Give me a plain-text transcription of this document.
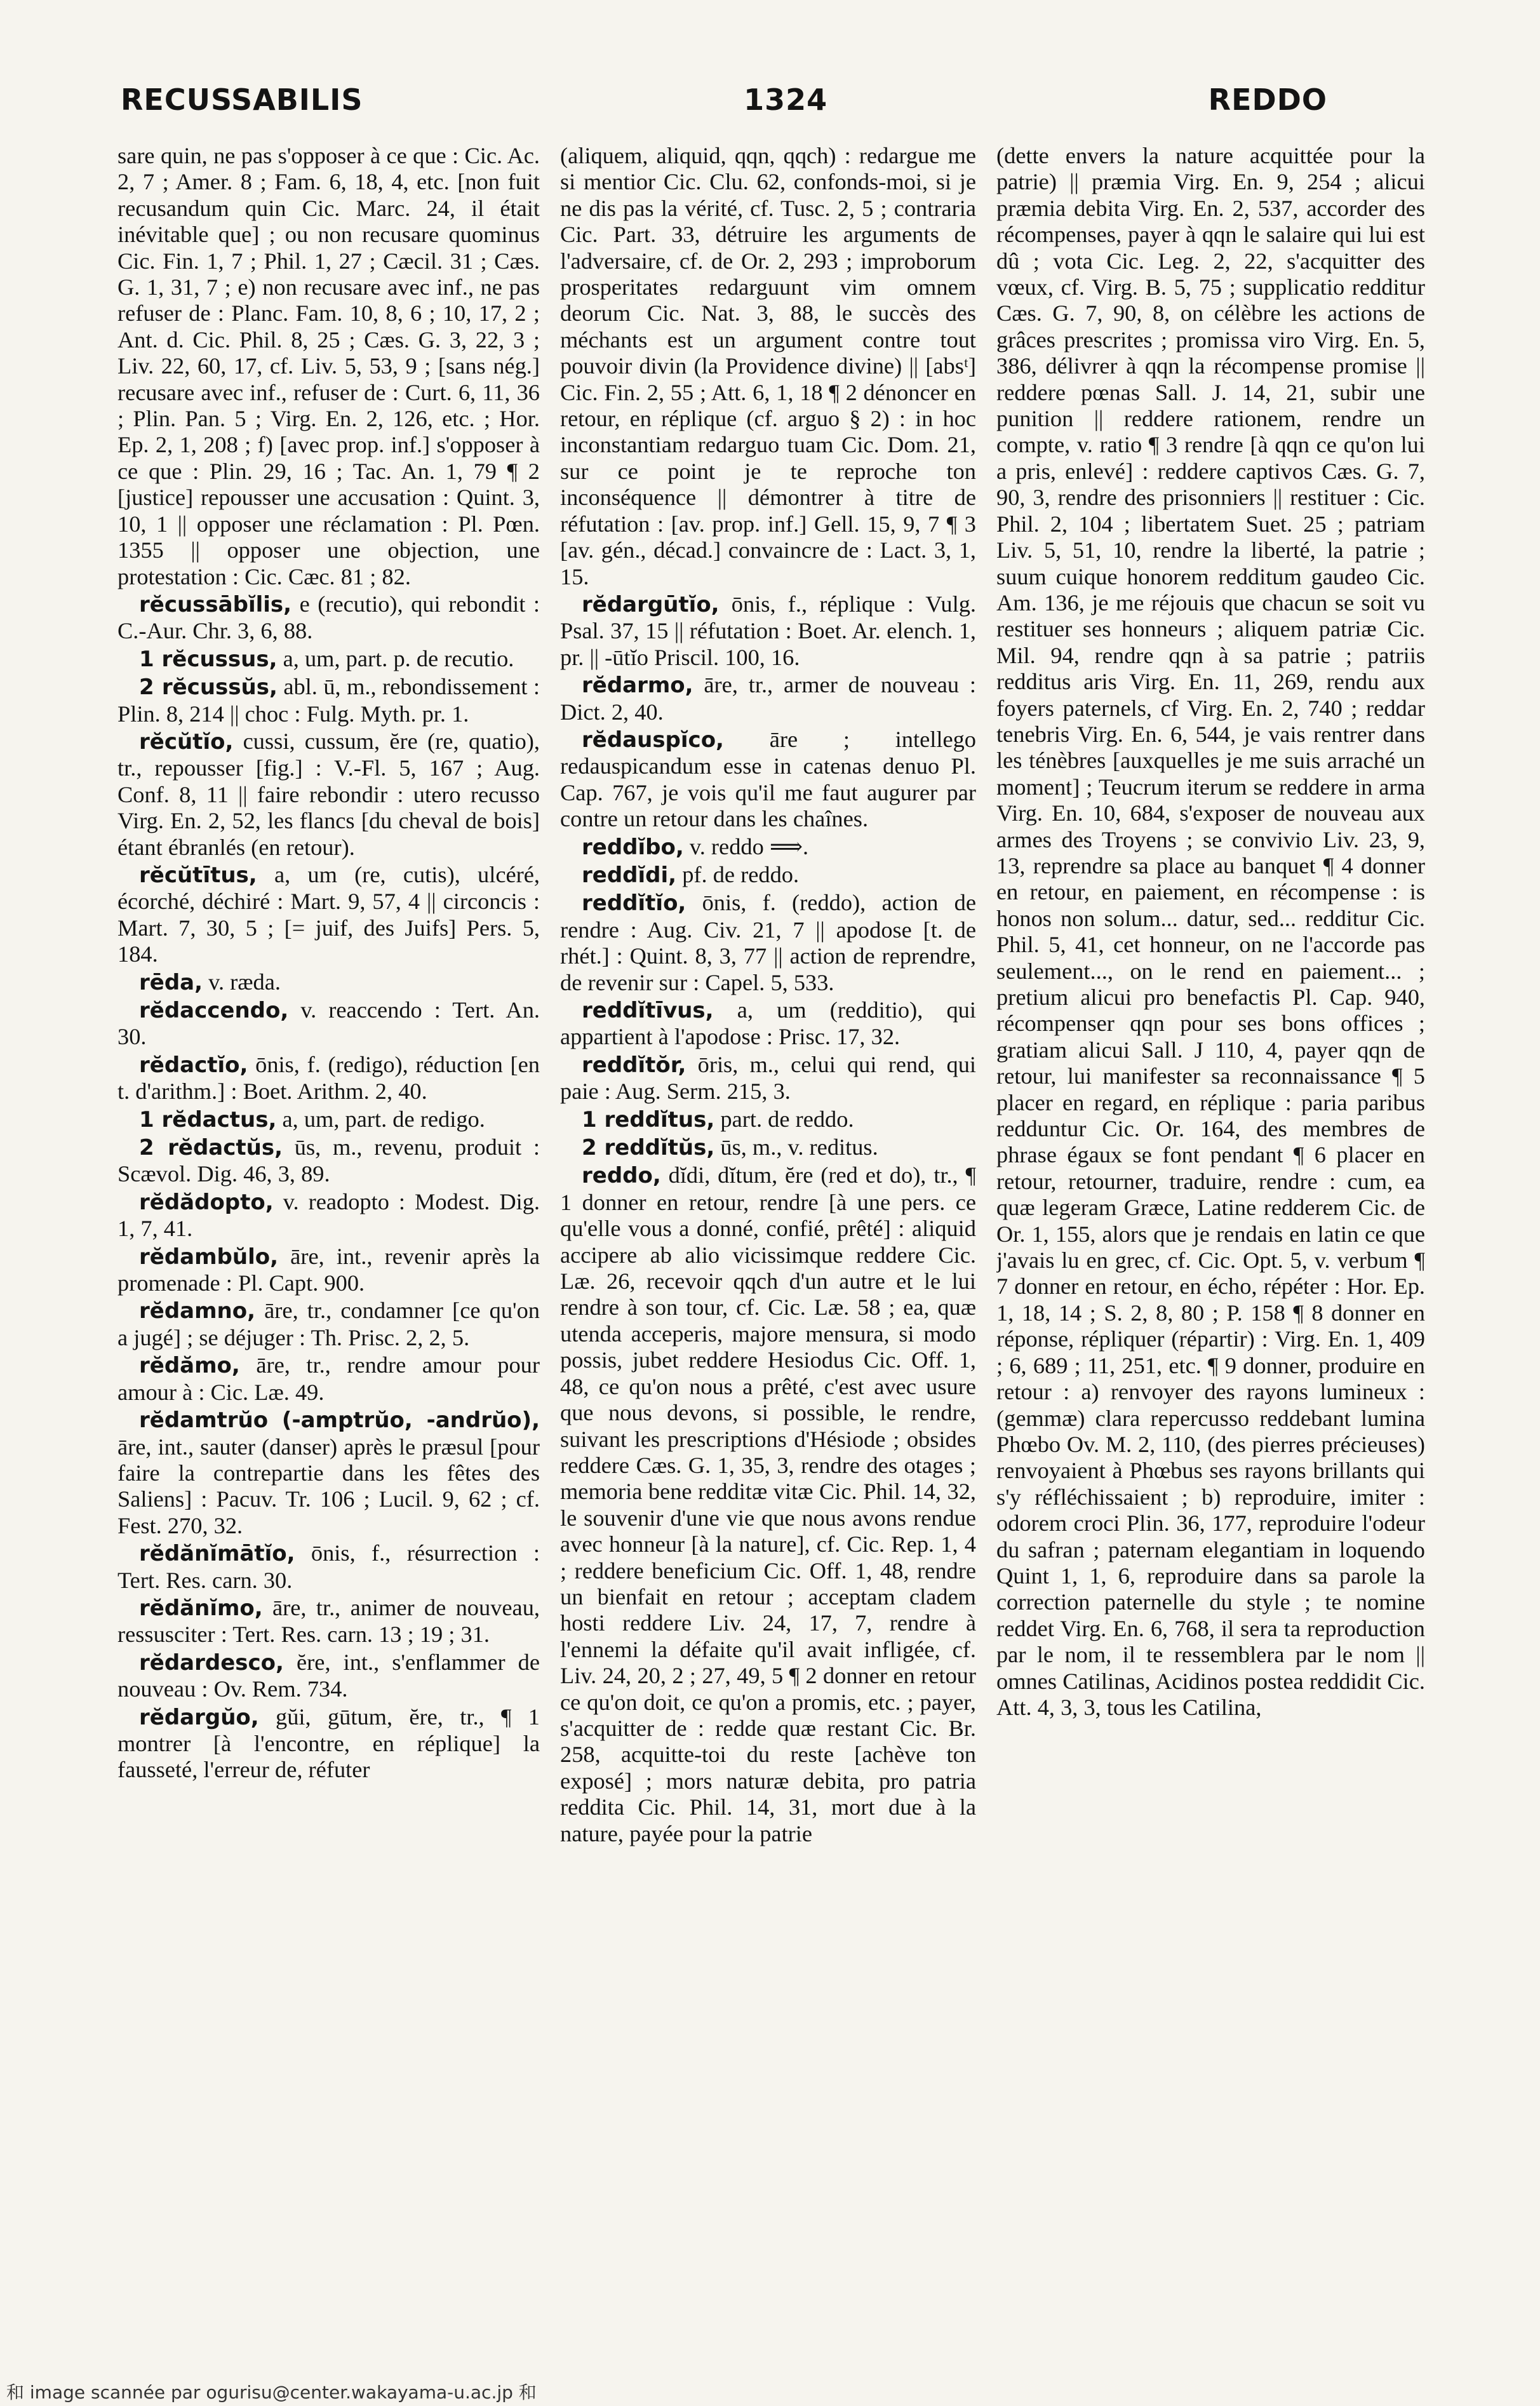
RECUSSABILIS	1324	REDDO

sare quin, ne pas s'opposer à ce que : Cic. Ac. 2, 7 ; Amer. 8 ; Fam. 6, 18, 4, etc. [non fuit recusandum quin Cic. Marc. 24, il était inévitable que] ; ou non recusare quominus Cic. Fin. 1, 7 ; Phil. 1, 27 ; Cæcil. 31 ; Cæs. G. 1, 31, 7 ; e) non recusare avec inf., ne pas refuser de : Planc. Fam. 10, 8, 6 ; 10, 17, 2 ; Ant. d. Cic. Phil. 8, 25 ; Cæs. G. 3, 22, 3 ; Liv. 22, 60, 17, cf. Liv. 5, 53, 9 ; [sans nég.] recusare avec inf., refuser de : Curt. 6, 11, 36 ; Plin. Pan. 5 ; Virg. En. 2, 126, etc. ; Hor. Ep. 2, 1, 208 ; f) [avec prop. inf.] s'opposer à ce que : Plin. 29, 16 ; Tac. An. 1, 79 ¶ 2 [justice] repousser une accusation : Quint. 3, 10, 1 || opposer une réclamation : Pl. Pœn. 1355 || opposer une objection, une protestation : Cic. Cæc. 81 ; 82.

rĕcussābĭlis, e (recutio), qui rebondit : C.-Aur. Chr. 3, 6, 88.

1 rĕcussus, a, um, part. p. de recutio.

2 rĕcussŭs, abl. ū, m., rebondissement : Plin. 8, 214 || choc : Fulg. Myth. pr. 1.

rĕcŭtĭo, cussi, cussum, ĕre (re, quatio), tr., repousser [fig.] : V.-Fl. 5, 167 ; Aug. Conf. 8, 11 || faire rebondir : utero recusso Virg. En. 2, 52, les flancs [du cheval de bois] étant ébranlés (en retour).

rĕcŭtītus, a, um (re, cutis), ulcéré, écorché, déchiré : Mart. 9, 57, 4 || circoncis : Mart. 7, 30, 5 ; [= juif, des Juifs] Pers. 5, 184.

rēda, v. ræda.

rĕdaccendo, v. reaccendo : Tert. An. 30.

rĕdactĭo, ōnis, f. (redigo), réduction [en t. d'arithm.] : Boet. Arithm. 2, 40.

1 rĕdactus, a, um, part. de redigo.

2 rĕdactŭs, ūs, m., revenu, produit : Scævol. Dig. 46, 3, 89.

rĕdădopto, v. readopto : Modest. Dig. 1, 7, 41.

rĕdambŭlo, āre, int., revenir après la promenade : Pl. Capt. 900.

rĕdamno, āre, tr., condamner [ce qu'on a jugé] ; se déjuger : Th. Prisc. 2, 2, 5.

rĕdămo, āre, tr., rendre amour pour amour à : Cic. Læ. 49.

rĕdamtrŭo (-amptrŭo, -andrŭo), āre, int., sauter (danser) après le præsul [pour faire la contrepartie dans les fêtes des Saliens] : Pacuv. Tr. 106 ; Lucil. 9, 62 ; cf. Fest. 270, 32.

rĕdănĭmātĭo, ōnis, f., résurrection : Tert. Res. carn. 30.

rĕdănĭmo, āre, tr., animer de nouveau, ressusciter : Tert. Res. carn. 13 ; 19 ; 31.

rĕdardesco, ĕre, int., s'enflammer de nouveau : Ov. Rem. 734.

rĕdargŭo, gŭi, gūtum, ĕre, tr., ¶ 1 montrer [à l'encontre, en réplique] la fausseté, l'erreur de, réfuter

(aliquem, aliquid, qqn, qqch) : redargue me si mentior Cic. Clu. 62, confonds-moi, si je ne dis pas la vérité, cf. Tusc. 2, 5 ; contraria Cic. Part. 33, détruire les arguments de l'adversaire, cf. de Or. 2, 293 ; improborum prosperitates redarguunt vim omnem deorum Cic. Nat. 3, 88, le succès des méchants est un argument contre tout pouvoir divin (la Providence divine) || [absᵗ] Cic. Fin. 2, 55 ; Att. 6, 1, 18 ¶ 2 dénoncer en retour, en réplique (cf. arguo § 2) : in hoc inconstantiam redarguo tuam Cic. Dom. 21, sur ce point je te reproche ton inconséquence || démontrer à titre de réfutation : [av. prop. inf.] Gell. 15, 9, 7 ¶ 3 [av. gén., décad.] convaincre de : Lact. 3, 1, 15.

rĕdargūtĭo, ōnis, f., réplique : Vulg. Psal. 37, 15 || réfutation : Boet. Ar. elench. 1, pr. || -ūtĭo Priscil. 100, 16.

rĕdarmo, āre, tr., armer de nouveau : Dict. 2, 40.

rĕdauspĭco, āre ; intellego redauspicandum esse in catenas denuo Pl. Cap. 767, je vois qu'il me faut augurer par contre un retour dans les chaînes.

reddĭbo, v. reddo ⟹.

reddĭdi, pf. de reddo.

reddĭtĭo, ōnis, f. (reddo), action de rendre : Aug. Civ. 21, 7 || apodose [t. de rhét.] : Quint. 8, 3, 77 || action de reprendre, de revenir sur : Capel. 5, 533.

reddĭtīvus, a, um (redditio), qui appartient à l'apodose : Prisc. 17, 32.

reddĭtŏr, ōris, m., celui qui rend, qui paie : Aug. Serm. 215, 3.

1 reddĭtus, part. de reddo.

2 reddĭtŭs, ūs, m., v. reditus.

reddo, dĭdi, dĭtum, ĕre (red et do), tr., ¶ 1 donner en retour, rendre [à une pers. ce qu'elle vous a donné, confié, prêté] : aliquid accipere ab alio vicissimque reddere Cic. Læ. 26, recevoir qqch d'un autre et le lui rendre à son tour, cf. Cic. Læ. 58 ; ea, quæ utenda acceperis, majore mensura, si modo possis, jubet reddere Hesiodus Cic. Off. 1, 48, ce qu'on nous a prêté, c'est avec usure que nous devons, si possible, le rendre, suivant les prescriptions d'Hésiode ; obsides reddere Cæs. G. 1, 35, 3, rendre des otages ; memoria bene redditæ vitæ Cic. Phil. 14, 32, le souvenir d'une vie que nous avons rendue avec honneur [à la nature], cf. Cic. Rep. 1, 4 ; reddere beneficium Cic. Off. 1, 48, rendre un bienfait en retour ; acceptam cladem hosti reddere Liv. 24, 17, 7, rendre à l'ennemi la défaite qu'il avait infligée, cf. Liv. 24, 20, 2 ; 27, 49, 5 ¶ 2 donner en retour ce qu'on doit, ce qu'on a promis, etc. ; payer, s'acquitter de : redde quæ restant Cic. Br. 258, acquitte-toi du reste [achève ton exposé] ; mors naturæ debita, pro patria reddita Cic. Phil. 14, 31, mort due à la nature, payée pour la patrie

(dette envers la nature acquittée pour la patrie) || præmia Virg. En. 9, 254 ; alicui præmia debita Virg. En. 2, 537, accorder des récompenses, payer à qqn le salaire qui lui est dû ; vota Cic. Leg. 2, 22, s'acquitter des vœux, cf. Virg. B. 5, 75 ; supplicatio redditur Cæs. G. 7, 90, 8, on célèbre les actions de grâces prescrites ; promissa viro Virg. En. 5, 386, délivrer à qqn la récompense promise || reddere pœnas Sall. J. 14, 21, subir une punition || reddere rationem, rendre un compte, v. ratio ¶ 3 rendre [à qqn ce qu'on lui a pris, enlevé] : reddere captivos Cæs. G. 7, 90, 3, rendre des prisonniers || restituer : Cic. Phil. 2, 104 ; libertatem Suet. 25 ; patriam Liv. 5, 51, 10, rendre la liberté, la patrie ; suum cuique honorem redditum gaudeo Cic. Am. 136, je me réjouis que chacun se soit vu restituer ses honneurs ; aliquem patriæ Cic. Mil. 94, rendre qqn à sa patrie ; patriis redditus aris Virg. En. 11, 269, rendu aux foyers paternels, cf Virg. En. 2, 740 ; reddar tenebris Virg. En. 6, 544, je vais rentrer dans les ténèbres [auxquelles je me suis arraché un moment] ; Teucrum iterum se reddere in arma Virg. En. 10, 684, s'exposer de nouveau aux armes des Troyens ; se convivio Liv. 23, 9, 13, reprendre sa place au banquet ¶ 4 donner en retour, en paiement, en récompense : is honos non solum... datur, sed... redditur Cic. Phil. 5, 41, cet honneur, on ne l'accorde pas seulement..., on le rend en paiement... ; pretium alicui pro benefactis Pl. Cap. 940, récompenser qqn pour ses bons offices ; gratiam alicui Sall. J 110, 4, payer qqn de retour, lui manifester sa reconnaissance ¶ 5 placer en regard, en réplique : paria paribus redduntur Cic. Or. 164, des membres de phrase égaux se font pendant ¶ 6 placer en retour, retourner, traduire, rendre : cum, ea quæ legeram Græce, Latine redderem Cic. de Or. 1, 155, alors que je rendais en latin ce que j'avais lu en grec, cf. Cic. Opt. 5, v. verbum ¶ 7 donner en retour, en écho, répéter : Hor. Ep. 1, 18, 14 ; S. 2, 8, 80 ; P. 158 ¶ 8 donner en réponse, répliquer (répartir) : Virg. En. 1, 409 ; 6, 689 ; 11, 251, etc. ¶ 9 donner, produire en retour : a) renvoyer des rayons lumineux : (gemmæ) clara repercusso reddebant lumina Phœbo Ov. M. 2, 110, (des pierres précieuses) renvoyaient à Phœbus ses rayons brillants qui s'y réfléchissaient ; b) reproduire, imiter : odorem croci Plin. 36, 177, reproduire l'odeur du safran ; paternam elegantiam in loquendo Quint 1, 1, 6, reproduire dans sa parole la correction paternelle du style ; te nomine reddet Virg. En. 6, 768, il sera ta reproduction par le nom, il te ressemblera par le nom || omnes Catilinas, Acidinos postea reddidit Cic. Att. 4, 3, 3, tous les Catilina,

和 image scannée par ogurisu@center.wakayama-u.ac.jp 和
